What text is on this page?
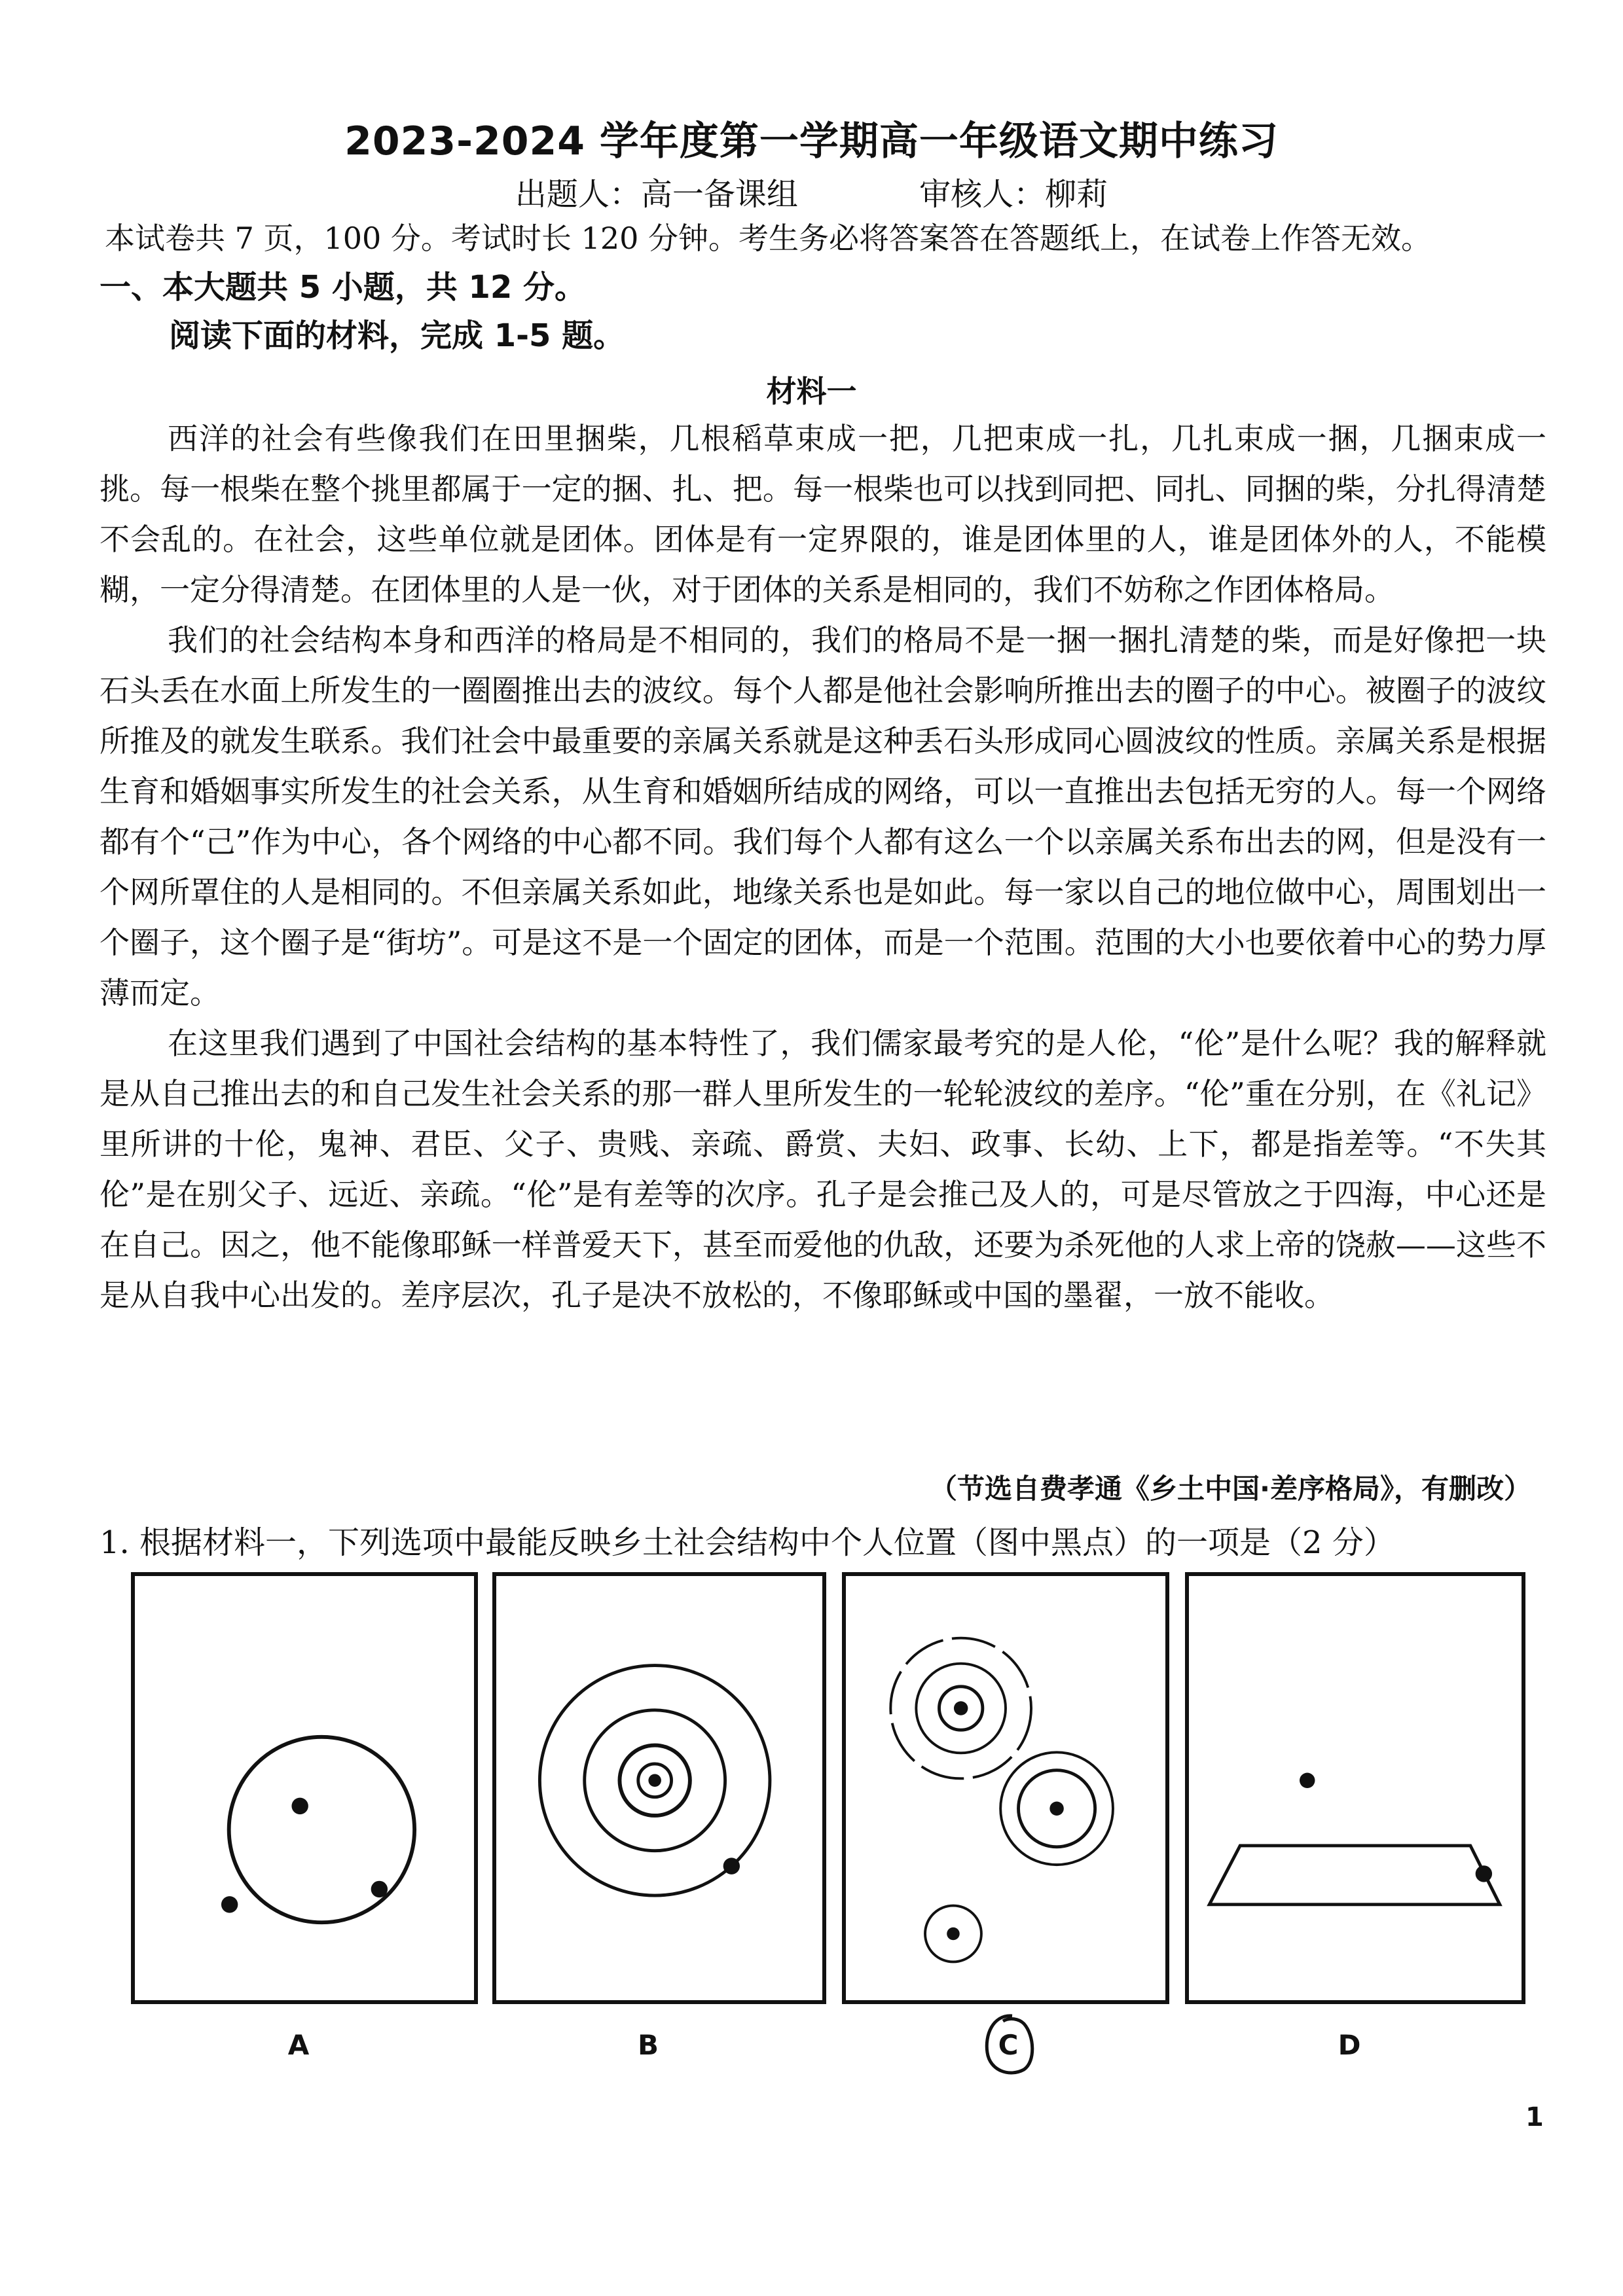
2023-2024 学年度第一学期高一年级语文期中练习
出题人：高一备课组	审核人：柳莉
本试卷共 7 页，100 分。考试时长 120 分钟。考生务必将答案答在答题纸上，在试卷上作答无效。
一、本大题共 5 小题，共 12 分。
阅读下面的材料，完成 1-5 题。
材料一

西洋的社会有些像我们在田里捆柴，几根稻草束成一把，几把束成一扎，几扎束成一捆，几捆束成一挑。每一根柴在整个挑里都属于一定的捆、扎、把。每一根柴也可以找到同把、同扎、同捆的柴，分扎得清楚不会乱的。在社会，这些单位就是团体。团体是有一定界限的，谁是团体里的人，谁是团体外的人，不能模糊，一定分得清楚。在团体里的人是一伙，对于团体的关系是相同的，我们不妨称之作团体格局。

我们的社会结构本身和西洋的格局是不相同的，我们的格局不是一捆一捆扎清楚的柴，而是好像把一块石头丢在水面上所发生的一圈圈推出去的波纹。每个人都是他社会影响所推出去的圈子的中心。被圈子的波纹所推及的就发生联系。我们社会中最重要的亲属关系就是这种丢石头形成同心圆波纹的性质。亲属关系是根据生育和婚姻事实所发生的社会关系，从生育和婚姻所结成的网络，可以一直推出去包括无穷的人。每一个网络都有个“己”作为中心，各个网络的中心都不同。我们每个人都有这么一个以亲属关系布出去的网，但是没有一个网所罩住的人是相同的。不但亲属关系如此，地缘关系也是如此。每一家以自己的地位做中心，周围划出一个圈子，这个圈子是“街坊”。可是这不是一个固定的团体，而是一个范围。范围的大小也要依着中心的势力厚薄而定。

在这里我们遇到了中国社会结构的基本特性了，我们儒家最考究的是人伦，“伦”是什么呢？我的解释就是从自己推出去的和自己发生社会关系的那一群人里所发生的一轮轮波纹的差序。“伦”重在分别，在《礼记》里所讲的十伦，鬼神、君臣、父子、贵贱、亲疏、爵赏、夫妇、政事、长幼、上下，都是指差等。“不失其伦”是在别父子、远近、亲疏。“伦”是有差等的次序。孔子是会推己及人的，可是尽管放之于四海，中心还是在自己。因之，他不能像耶稣一样普爱天下，甚至而爱他的仇敌，还要为杀死他的人求上帝的饶赦——这些不是从自我中心出发的。差序层次，孔子是决不放松的，不像耶稣或中国的墨翟，一放不能收。

（节选自费孝通《乡土中国·差序格局》，有删改）
1. 根据材料一，下列选项中最能反映乡土社会结构中个人位置（图中黑点）的一项是（2 分）
A	B	C	D
1
